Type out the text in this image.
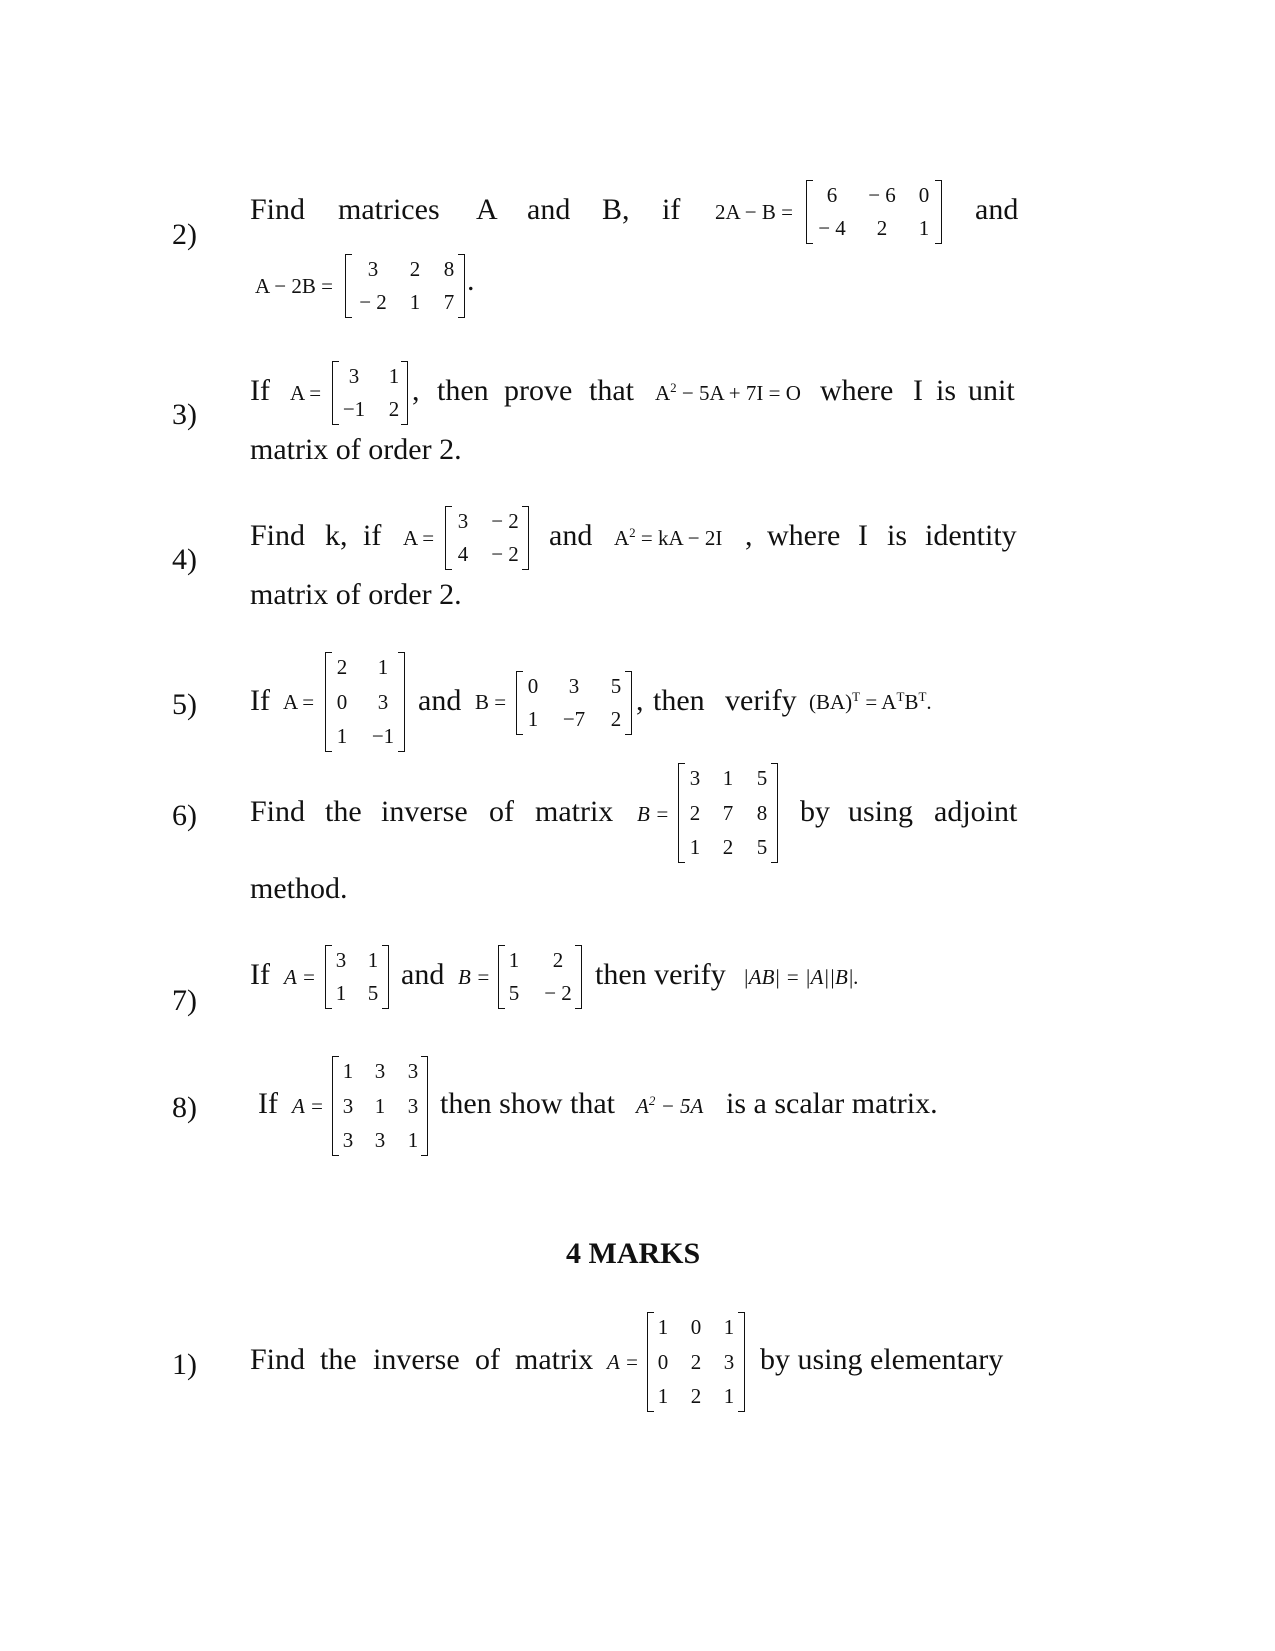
2)
Find matrices A and B, if 2A − B =
6	− 6	0
− 4	2	1
and
A − 2B =
3	2	8
− 2	1	7
.
3)
If A =
3	1
−1	2
, then prove that $A^2 - 5A + 7I = O$ where I is unit
matrix of order 2.
4)
Find k, if A =
3	− 2
4	− 2
and $A^2$ = kA − 2I , where I is identity
matrix of order 2.
5) If A =
2	1
0	3
1	−1
and B =
0	3	5
1	−7	2
, then verify $(BA)^T = A^TB^T$.
6) Find the inverse of matrix B =
3	1	5
2	7	8
1	2	5
by using adjoint
method.
7)
If A =
3	1
1	5
and B =
1	2
5	− 2
then verify |AB| = |A||B|.
8) If A =
1	3	3
3	1	3
3	3	1
then show that $A^2 - 5A$ is a scalar matrix.
4 MARKS
1) Find the inverse of matrix A =
1	0	1
0	2	3
1	2	1
by using elementary
